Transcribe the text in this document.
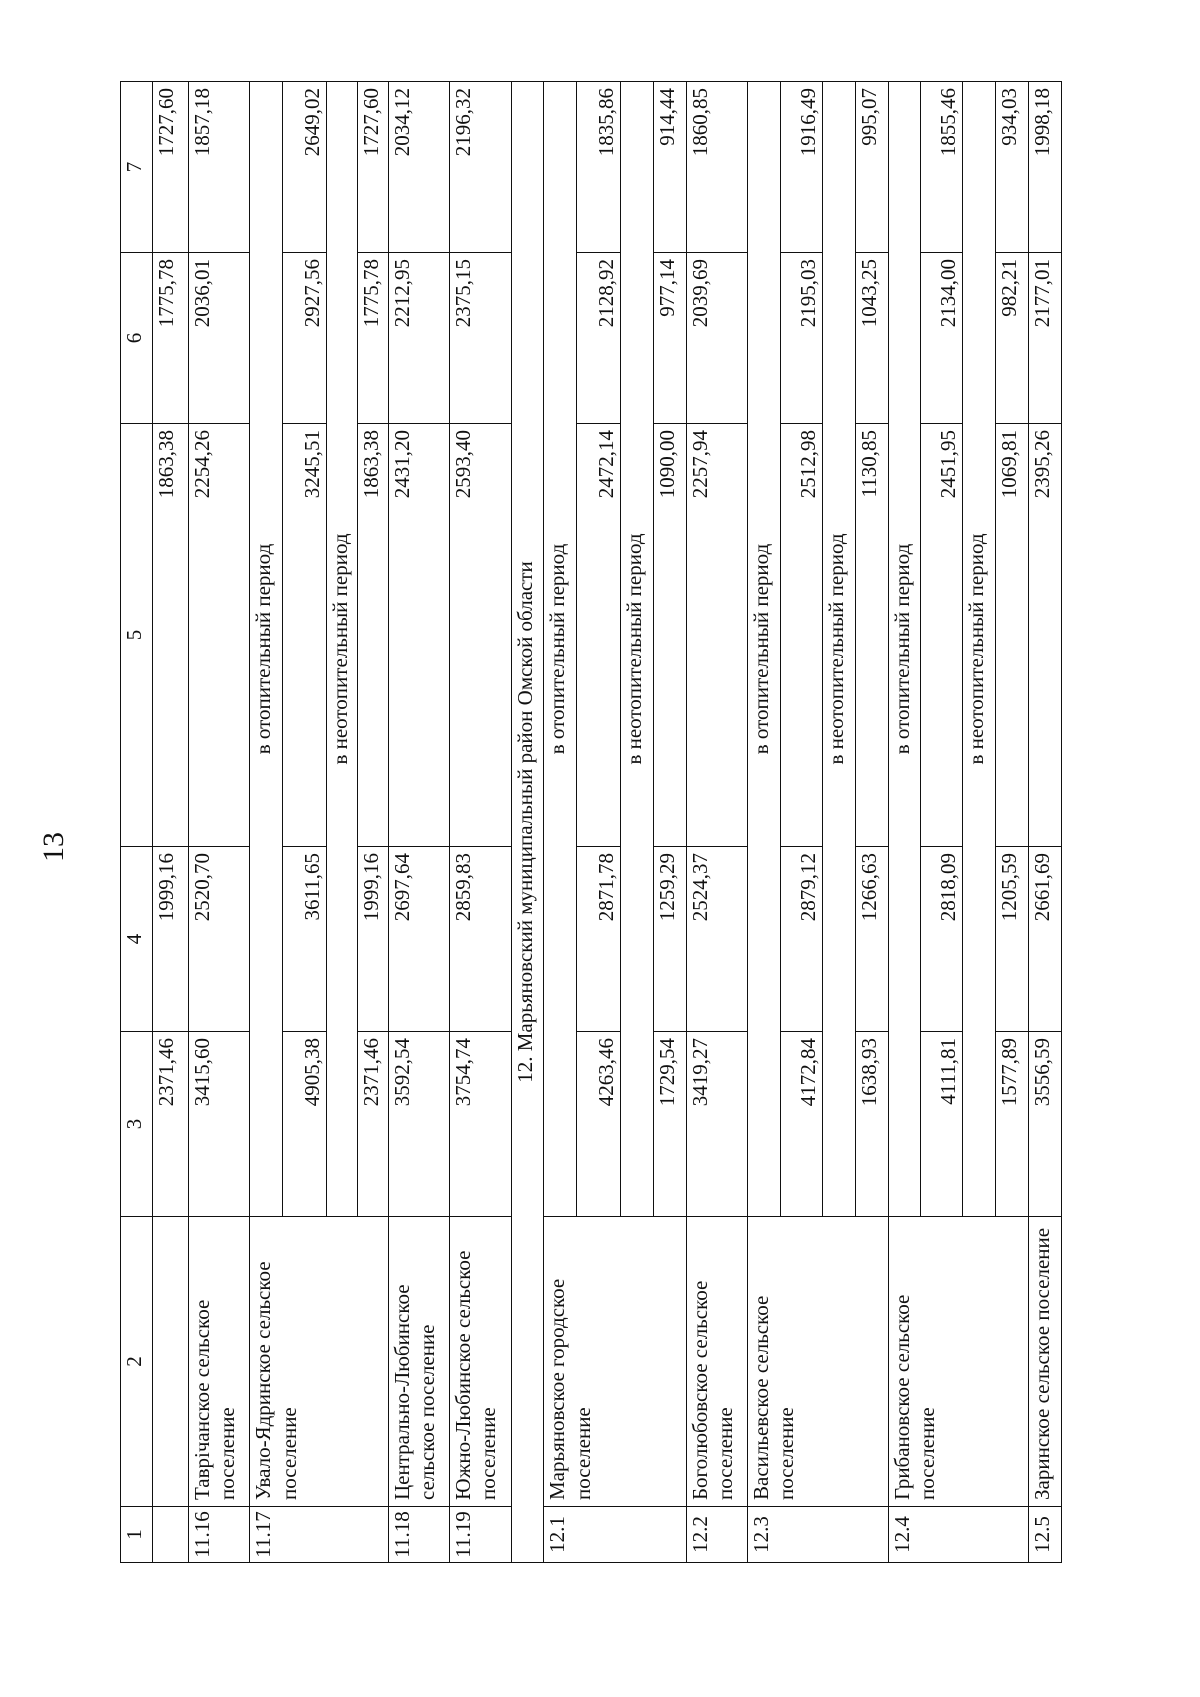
13
1	2	3	4	5	6	7
		2371,46	1999,16	1863,38	1775,78	1727,60
11.16	Таврічанское сельское поселение	3415,60	2520,70	2254,26	2036,01	1857,18
11.17	Увало-Ядринское сельское поселение	в отопительный период				
		4905,38	3611,65	3245,51	2927,56	2649,02
		в неотопительный период				
		2371,46	1999,16	1863,38	1775,78	1727,60
11.18	Центрально-Любинское сельское поселение	3592,54	2697,64	2431,20	2212,95	2034,12
11.19	Южно-Любинское сельское поселение	3754,74	2859,83	2593,40	2375,15	2196,32
12. Марьяновский муниципальный район Омской области						
12.1	Марьяновское городское поселение	в отопительный период				
		4263,46	2871,78	2472,14	2128,92	1835,86
		в неотопительный период				
		1729,54	1259,29	1090,00	977,14	914,44
12.2	Боголюбовское сельское поселение	3419,27	2524,37	2257,94	2039,69	1860,85
12.3	Васильевское сельское поселение	в отопительный период				
		4172,84	2879,12	2512,98	2195,03	1916,49
		в неотопительный период				
		1638,93	1266,63	1130,85	1043,25	995,07
12.4	Грибановское сельское поселение	в отопительный период				
		4111,81	2818,09	2451,95	2134,00	1855,46
		в неотопительный период				
		1577,89	1205,59	1069,81	982,21	934,03
12.5	Заринское сельское поселение	3556,59	2661,69	2395,26	2177,01	1998,18
